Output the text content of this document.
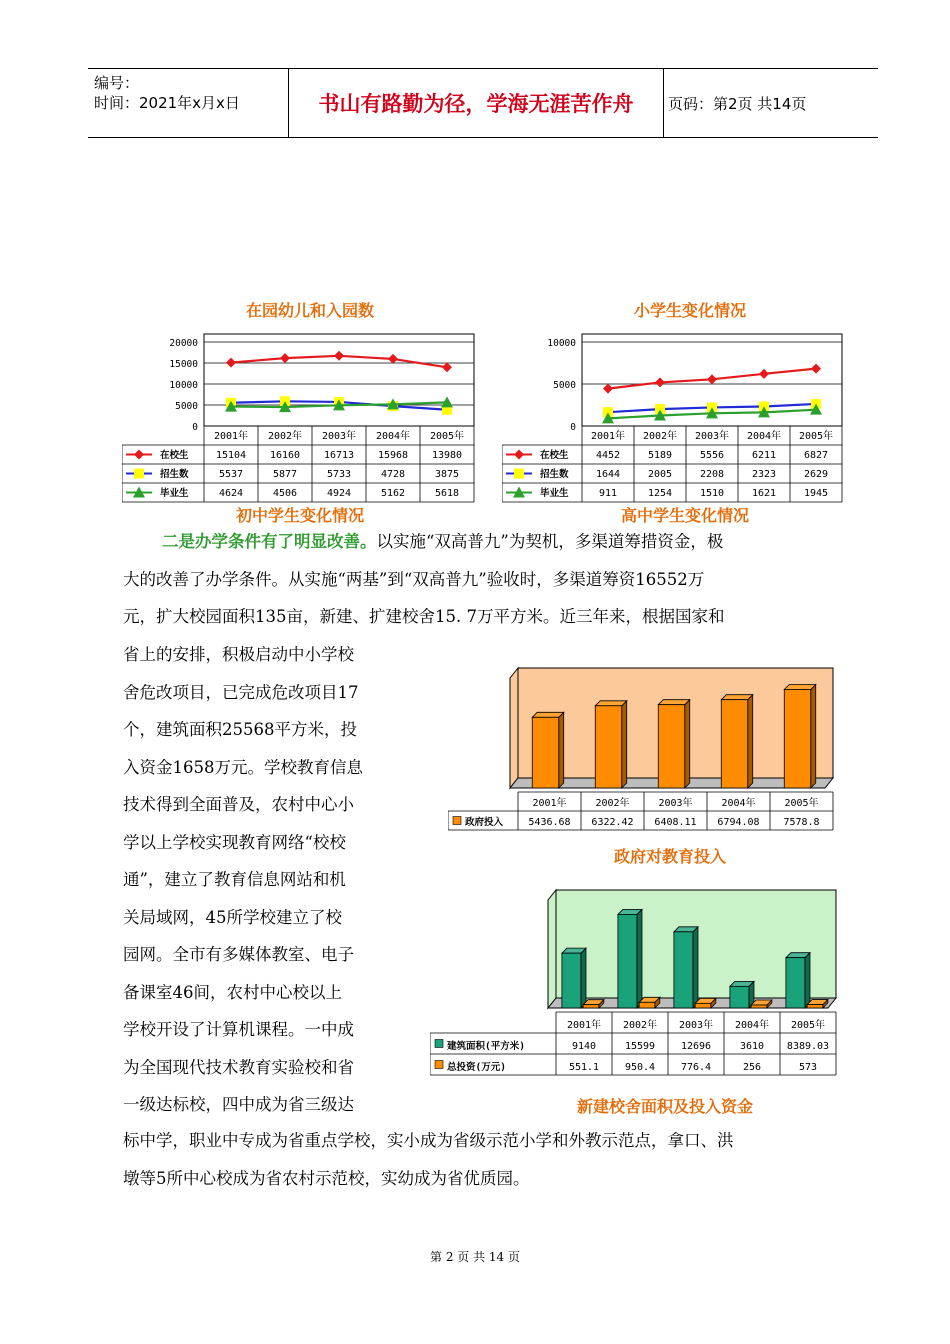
编号：
时间：2021年x月x日	书山有路勤为径，学海无涯苦作舟	页码：第2页 共14页
在园幼儿和入园数	小学生变化情况
20000
15000
10000
5000
0
2001年 2002年 2003年 2004年 2005年
在校生	15104 16160 16713 15968 13980
招生数	5537	5877	5733	4728	3875
毕业生	4624	4506	4924	5162	5618
10000
5000
0
2001年 2002年 2003年 2004年 2005年
在校生	4452	5189	5556	6211	6827
招生数	1644	2005	2208	2323	2629
毕业生	911	1254	1510	1621	1945
初中学生变化情况	高中学生变化情况
二是办学条件有了明显改善。以实施“双高普九”为契机，多渠道筹措资金，极
大的改善了办学条件。从实施“两基”到“双高普九”验收时，多渠道筹资16552万
元，扩大校园面积135亩，新建、扩建校舍15. 7万平方米。近三年来，根据国家和
省上的安排，积极启动中小学校
舍危改项目，已完成危改项目17
个，建筑面积25568平方米，投
入资金1658万元。学校教育信息
技术得到全面普及，农村中心小
学以上学校实现教育网络“校校
通”，建立了教育信息网站和机
关局域网，45所学校建立了校
园网。全市有多媒体教室、电子
备课室46间，农村中心校以上
学校开设了计算机课程。一中成
为全国现代技术教育实验校和省
一级达标校，四中成为省三级达
标中学，职业中专成为省重点学校，实小成为省级示范小学和外教示范点，拿口、洪
墩等5所中心校成为省农村示范校，实幼成为省优质园。
2001年	2002年	2003年	2004年	2005年
政府投入	5436.68 6322.42 6408.11 6794.08 7578.8
政府对教育投入
2001年 2002年 2003年 2004年 2005年
建筑面积(平方米)	9140	15599	12696	3610 8389.03
总投资(万元)	551.1	950.4	776.4	256	573
新建校舍面积及投入资金
第 2 页 共 14 页
